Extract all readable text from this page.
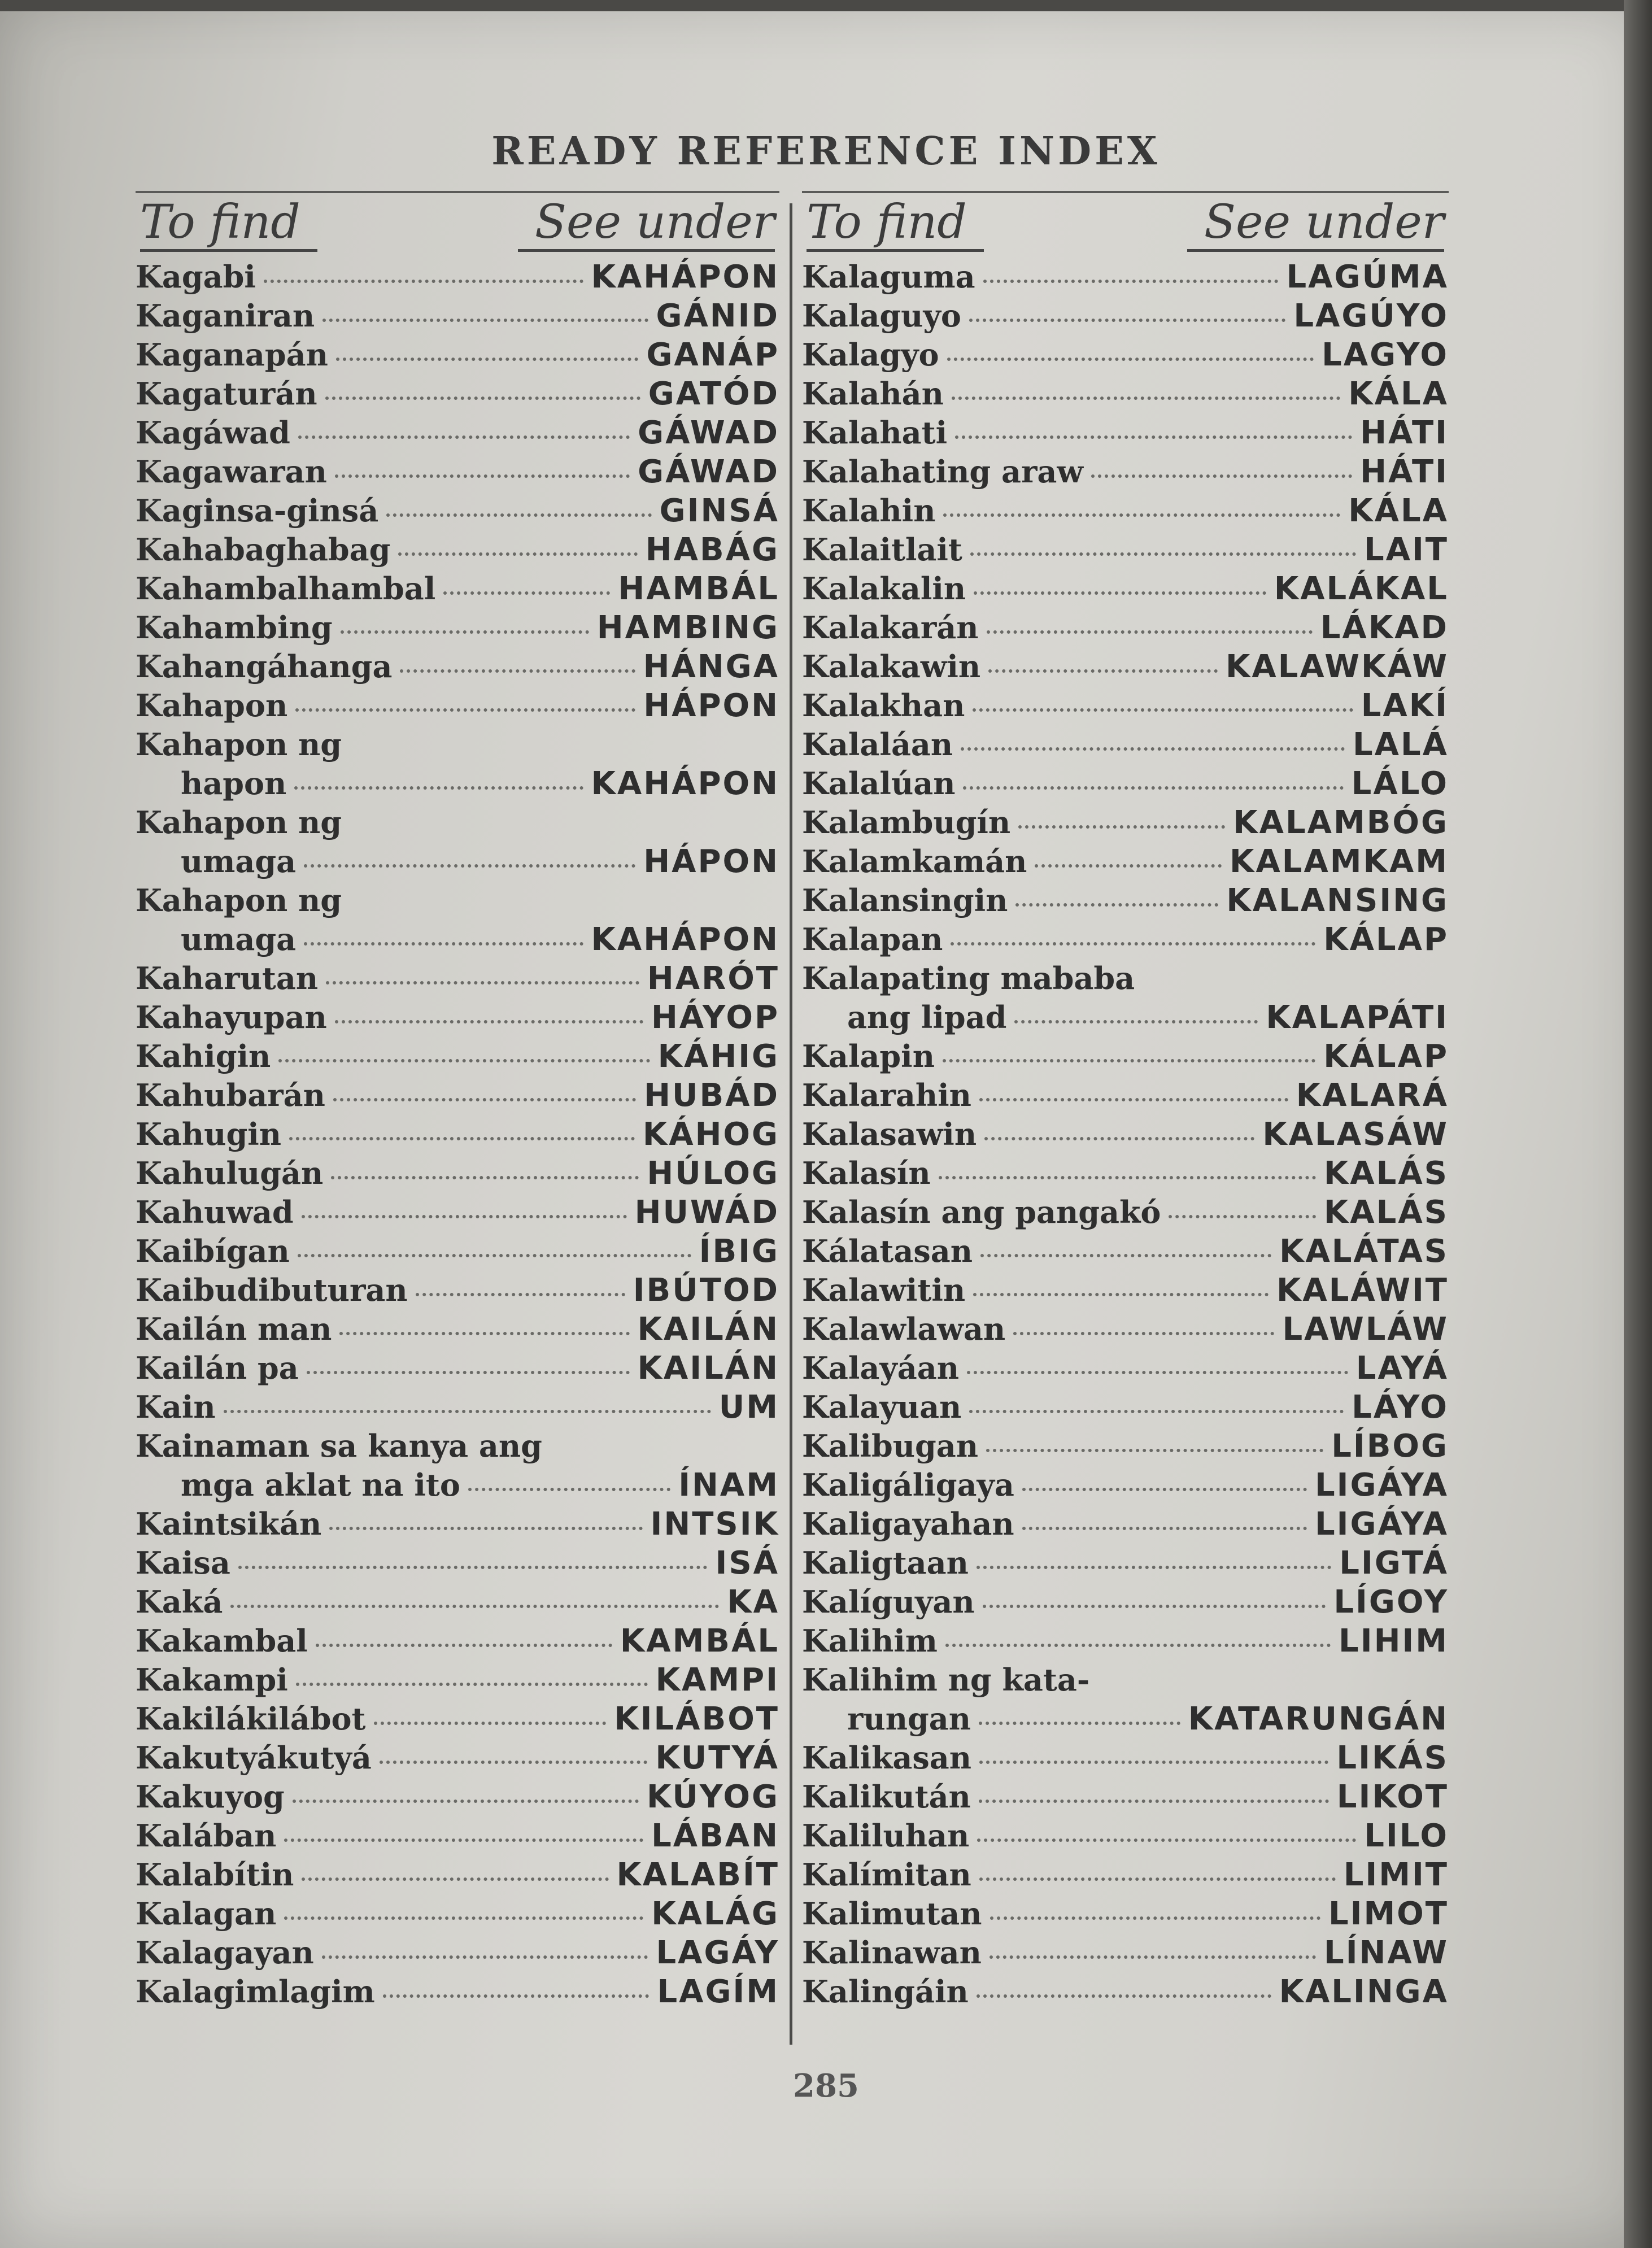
READY REFERENCE INDEX
To find	See under
Kagabi	KAHÁPON
Kaganiran	GÁNID
Kaganapán	GANÁP
Kagaturán	GATÓD
Kagáwad	GÁWAD
Kagawaran	GÁWAD
Kaginsa-ginsá	GINSÁ
Kahabaghabag	HABÁG
Kahambalhambal	HAMBÁL
Kahambing	HAMBING
Kahangáhanga	HÁNGA
Kahapon	HÁPON
Kahapon ng
hapon	KAHÁPON
Kahapon ng
umaga	HÁPON
Kahapon ng
umaga	KAHÁPON
Kaharutan	HARÓT
Kahayupan	HÁYOP
Kahigin	KÁHIG
Kahubarán	HUBÁD
Kahugin	KÁHOG
Kahulugán	HÚLOG
Kahuwad	HUWÁD
Kaibígan	ÍBIG
Kaibudibuturan	IBÚTOD
Kailán man	KAILÁN
Kailán pa	KAILÁN
Kain	UM
Kainaman sa kanya ang
mga aklat na ito	ÍNAM
Kaintsikán	INTSIK
Kaisa	ISÁ
Kaká	KA
Kakambal	KAMBÁL
Kakampi	KAMPI
Kakilákilábot	KILÁBOT
Kakutyákutyá	KUTYÁ
Kakuyog	KÚYOG
Kalában	LÁBAN
Kalabítin	KALABÍT
Kalagan	KALÁG
Kalagayan	LAGÁY
Kalagimlagim	LAGÍM
To find	See under
Kalaguma	LAGÚMA
Kalaguyo	LAGÚYO
Kalagyo	LAGYO
Kalahán	KÁLA
Kalahati	HÁTI
Kalahating araw	HÁTI
Kalahin	KÁLA
Kalaitlait	LAIT
Kalakalin	KALÁKAL
Kalakarán	LÁKAD
Kalakawin	KALAWKÁW
Kalakhan	LAKÍ
Kalaláan	LALÁ
Kalalúan	LÁLO
Kalambugín	KALAMBÓG
Kalamkamán	KALAMKAM
Kalansingin	KALANSING
Kalapan	KÁLAP
Kalapating mababa
ang lipad	KALAPÁTI
Kalapin	KÁLAP
Kalarahin	KALARÁ
Kalasawin	KALASÁW
Kalasín	KALÁS
Kalasín ang pangakó	KALÁS
Kálatasan	KALÁTAS
Kalawitin	KALÁWIT
Kalawlawan	LAWLÁW
Kalayáan	LAYÁ
Kalayuan	LÁYO
Kalibugan	LÍBOG
Kaligáligaya	LIGÁYA
Kaligayahan	LIGÁYA
Kaligtaan	LIGTÁ
Kalíguyan	LÍGOY
Kalihim	LIHIM
Kalihim ng kata-
rungan	KATARUNGÁN
Kalikasan	LIKÁS
Kalikután	LIKOT
Kaliluhan	LILO
Kalímitan	LIMIT
Kalimutan	LIMOT
Kalinawan	LÍNAW
Kalingáin	KALINGA
285
